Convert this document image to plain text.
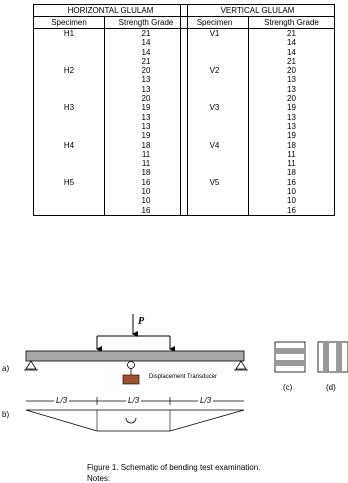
HORIZONTAL GLULAM	
Specimen	Strength Grade
H1	21
	14
	14
	21
H2	20
	13
	13
	20
H3	19
	13
	13
	19
H4	18
	11
	11
	18
H5	16
	10
	10
	16
VERTICAL GLULAM	
Specimen	Strength Grade
V1	21
	14
	14
	21
V2	20
	13
	13
	20
V3	19
	13
	13
	19
V4	18
	11
	11
	18
V5	16
	10
	10
	16
P
a)
b)
Displacement Transducer
(c)	(d)
L/3	L/3	L/3
Figure 1. Schematic of bending test examination.
Notes:
